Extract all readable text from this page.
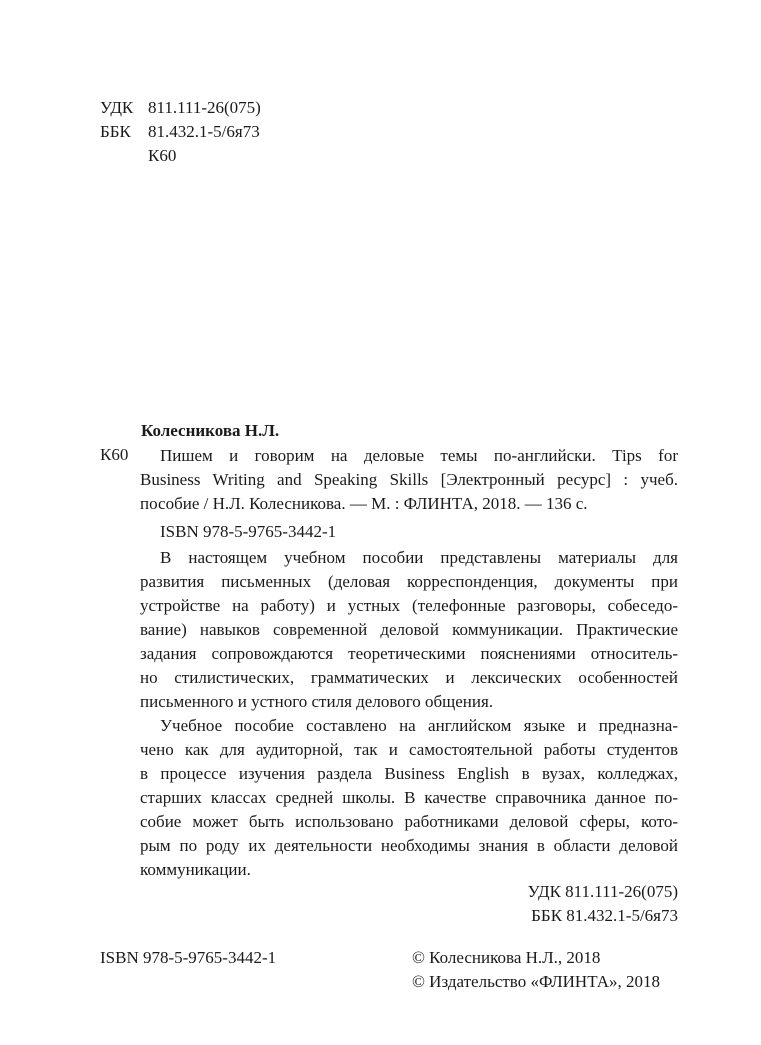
УДК 811.111-26(075)
ББК 81.432.1-5/6я73
К60
Колесникова Н.Л.
К60 Пишем и говорим на деловые темы по-английски. Tips for
Business Writing and Speaking Skills [Электронный ресурс] : учеб.
пособие / Н.Л. Колесникова. — М. : ФЛИНТА, 2018. — 136 с.
ISBN 978-5-9765-3442-1
В настоящем учебном пособии представлены материалы для
развития письменных (деловая корреспонденция, документы при
устройстве на работу) и устных (телефонные разговоры, собеседо-
вание) навыков современной деловой коммуникации. Практические
задания сопровождаются теоретическими пояснениями относитель-
но стилистических, грамматических и лексических особенностей
письменного и устного стиля делового общения.
Учебное пособие составлено на английском языке и предназна-
чено как для аудиторной, так и самостоятельной работы студентов
в процессе изучения раздела Business English в вузах, колледжах,
старших классах средней школы. В качестве справочника данное по-
собие может быть использовано работниками деловой сферы, кото-
рым по роду их деятельности необходимы знания в области деловой
коммуникации.
УДК 811.111-26(075)
ББК 81.432.1-5/6я73
ISBN 978-5-9765-3442-1	© Колесникова Н.Л., 2018
© Издательство «ФЛИНТА», 2018
